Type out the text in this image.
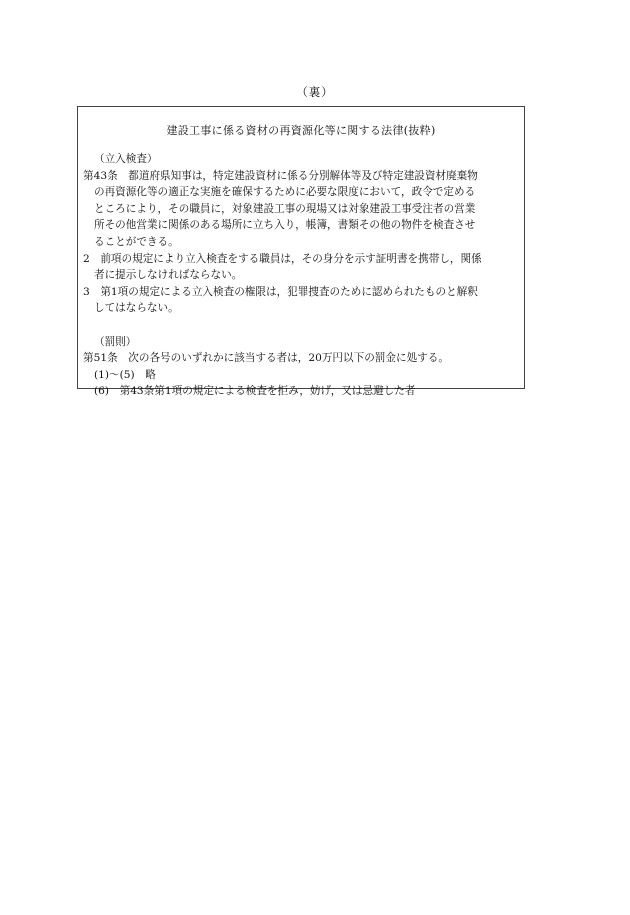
（裏）
建設工事に係る資材の再資源化等に関する法律(抜粋)
（立入検査）
第43条　都道府県知事は，特定建設資材に係る分別解体等及び特定建設資材廃棄物
の再資源化等の適正な実施を確保するために必要な限度において，政令で定める
ところにより，その職員に，対象建設工事の現場又は対象建設工事受注者の営業
所その他営業に関係のある場所に立ち入り，帳簿，書類その他の物件を検査させ
ることができる。
2　前項の規定により立入検査をする職員は，その身分を示す証明書を携帯し，関係
者に提示しなければならない。
3　第1項の規定による立入検査の権限は，犯罪捜査のために認められたものと解釈
してはならない。
（罰則）
第51条　次の各号のいずれかに該当する者は，20万円以下の罰金に処する。
(1)～(5)　略
(6)　第43条第1項の規定による検査を拒み，妨げ，又は忌避した者
